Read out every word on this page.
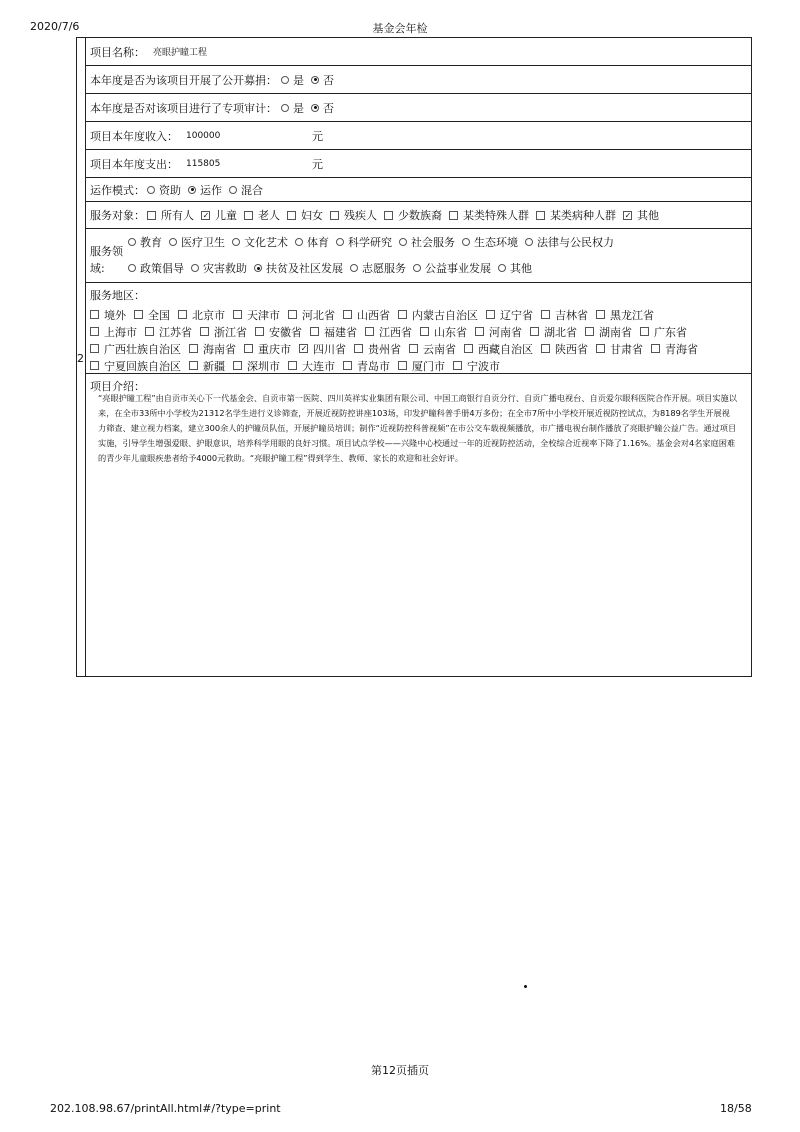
2020/7/6	基金会年检
2
项目名称： 亮眼护瞳工程
本年度是否为该项目开展了公开募捐： 是 否
本年度是否对该项目进行了专项审计： 是 否
项目本年度收入： 100000	元
项目本年度支出： 115805	元
运作模式： 资助 运作 混合
服务对象： 所有人 ✓ 儿童 老人 妇女 残疾人 少数族裔 某类特殊人群 某类病种人群 ✓ 其他
服务领
域:
教育 医疗卫生 文化艺术 体育 科学研究 社会服务 生态环境 法律与公民权力
政策倡导 灾害救助 扶贫及社区发展 志愿服务 公益事业发展 其他
服务地区：
境外 全国 北京市 天津市 河北省 山西省 内蒙古自治区 辽宁省 吉林省 黑龙江省
上海市 江苏省 浙江省 安徽省 福建省 江西省 山东省 河南省 湖北省 湖南省 广东省
广西壮族自治区 海南省 重庆市 ✓ 四川省 贵州省 云南省 西藏自治区 陕西省 甘肃省 青海省
宁夏回族自治区 新疆 深圳市 大连市 青岛市 厦门市 宁波市
项目介绍：
“亮眼护瞳工程”由自贡市关心下一代基金会、自贡市第一医院、四川英祥实业集团有限公司、中国工商银行自贡分行、自贡广播电视台、自贡爱尔眼科医院合作开展。项目实施以来，在全市33所中小学校为21312名学生进行义诊筛查，开展近视防控讲座103场，印发护瞳科普手册4万多份；在全市7所中小学校开展近视防控试点，为8189名学生开展视力筛查、建立视力档案，建立300余人的护瞳员队伍，开展护瞳员培训；制作“近视防控科普视频”在市公交车载视频播放，市广播电视台制作播放了亮眼护瞳公益广告。通过项目实施，引导学生增强爱眼、护眼意识，培养科学用眼的良好习惯。项目试点学校——兴隆中心校通过一年的近视防控活动，全校综合近视率下降了1.16%。基金会对4名家庭困难的青少年儿童眼疾患者给予4000元救助。“亮眼护瞳工程”得到学生、教师、家长的欢迎和社会好评。
第12页插页
202.108.98.67/printAll.html#/?type=print	18/58
